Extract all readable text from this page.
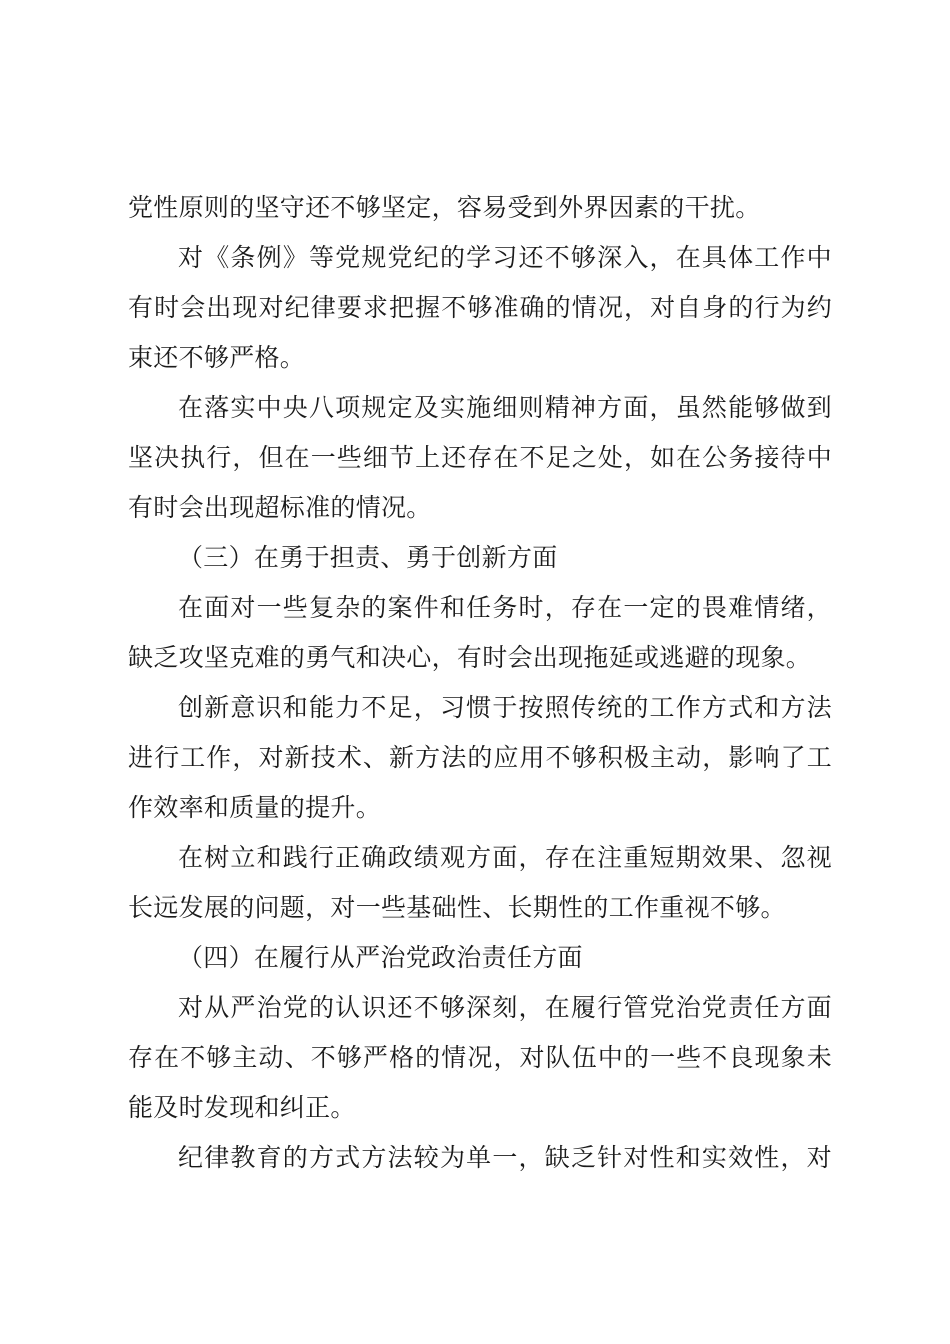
党性原则的坚守还不够坚定，容易受到外界因素的干扰。
对《条例》等党规党纪的学习还不够深入，在具体工作中
有时会出现对纪律要求把握不够准确的情况，对自身的行为约
束还不够严格。
在落实中央八项规定及实施细则精神方面，虽然能够做到
坚决执行，但在一些细节上还存在不足之处，如在公务接待中
有时会出现超标准的情况。
（三）在勇于担责、勇于创新方面
在面对一些复杂的案件和任务时，存在一定的畏难情绪，
缺乏攻坚克难的勇气和决心，有时会出现拖延或逃避的现象。
创新意识和能力不足，习惯于按照传统的工作方式和方法
进行工作，对新技术、新方法的应用不够积极主动，影响了工
作效率和质量的提升。
在树立和践行正确政绩观方面，存在注重短期效果、忽视
长远发展的问题，对一些基础性、长期性的工作重视不够。
（四）在履行从严治党政治责任方面
对从严治党的认识还不够深刻，在履行管党治党责任方面
存在不够主动、不够严格的情况，对队伍中的一些不良现象未
能及时发现和纠正。
纪律教育的方式方法较为单一，缺乏针对性和实效性，对
